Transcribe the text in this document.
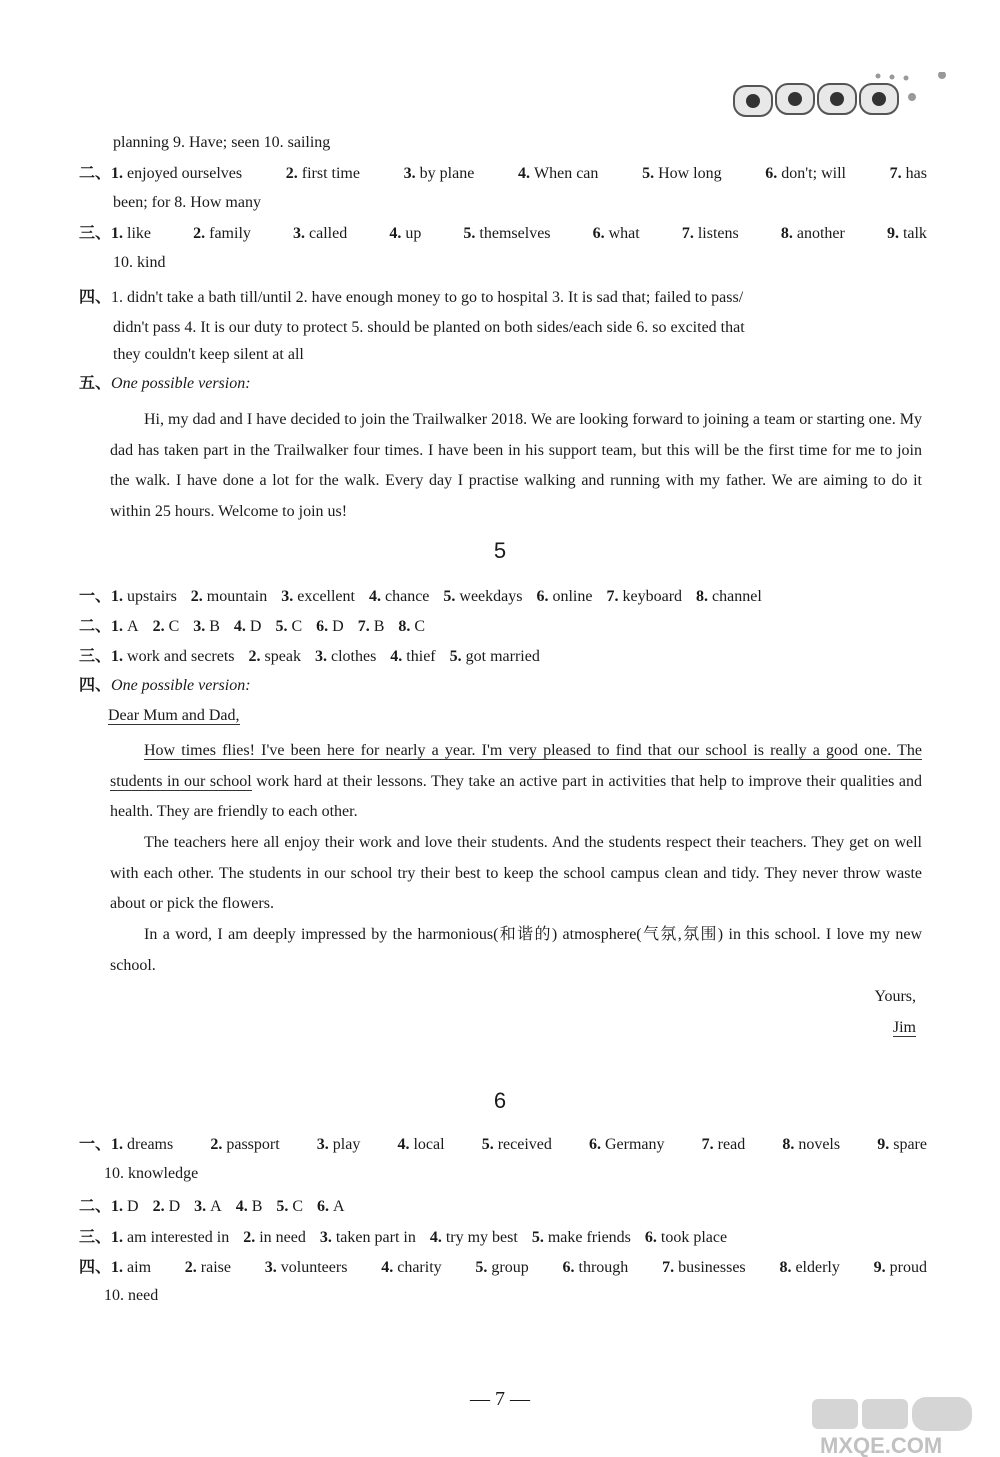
planning 9. Have; seen 10. sailing
二、 1. enjoyed ourselves	2. first time	3. by plane	4. When can	5. How long	6. don't; will	7. has
been; for 8. How many
三、 1. like	2. family	3. called	4. up	5. themselves	6. what	7. listens	8. another	9. talk
10. kind
四、1. didn't take a bath till/until 2. have enough money to go to hospital 3. It is sad that; failed to pass/
didn't pass 4. It is our duty to protect 5. should be planted on both sides/each side 6. so excited that
they couldn't keep silent at all
五、One possible version:
Hi, my dad and I have decided to join the Trailwalker 2018. We are looking forward to joining a team or starting one. My dad has taken part in the Trailwalker four times. I have been in his support team, but this will be the first time for me to join the walk. I have done a lot for the walk. Every day I practise walking and running with my father. We are aiming to do it within 25 hours. Welcome to join us!
5
一、1. upstairs 2. mountain 3. excellent 4. chance 5. weekdays 6. online 7. keyboard 8. channel
二、1. A 2. C 3. B 4. D 5. C 6. D 7. B 8. C
三、1. work and secrets 2. speak 3. clothes 4. thief 5. got married
四、One possible version:
Dear Mum and Dad,
How times flies! I've been here for nearly a year. I'm very pleased to find that our school is really a good one. The students in our school work hard at their lessons. They take an active part in activities that help to improve their qualities and health. They are friendly to each other.
The teachers here all enjoy their work and love their students. And the students respect their teachers. They get on well with each other. The students in our school try their best to keep the school campus clean and tidy. They never throw waste about or pick the flowers.
In a word, I am deeply impressed by the harmonious(和谐的) atmosphere(气氛,氛围) in this school. I love my new school.
Yours,
Jim
6
一、 1. dreams 2. passport 3. play 4. local 5. received 6. Germany 7. read 8. novels 9. spare
10. knowledge
二、1. D 2. D 3. A 4. B 5. C 6. A
三、1. am interested in 2. in need 3. taken part in 4. try my best 5. make friends 6. took place
四、 1. aim 2. raise 3. volunteers 4. charity 5. group 6. through 7. businesses 8. elderly 9. proud
10. need
— 7 —
MXQE.COM
